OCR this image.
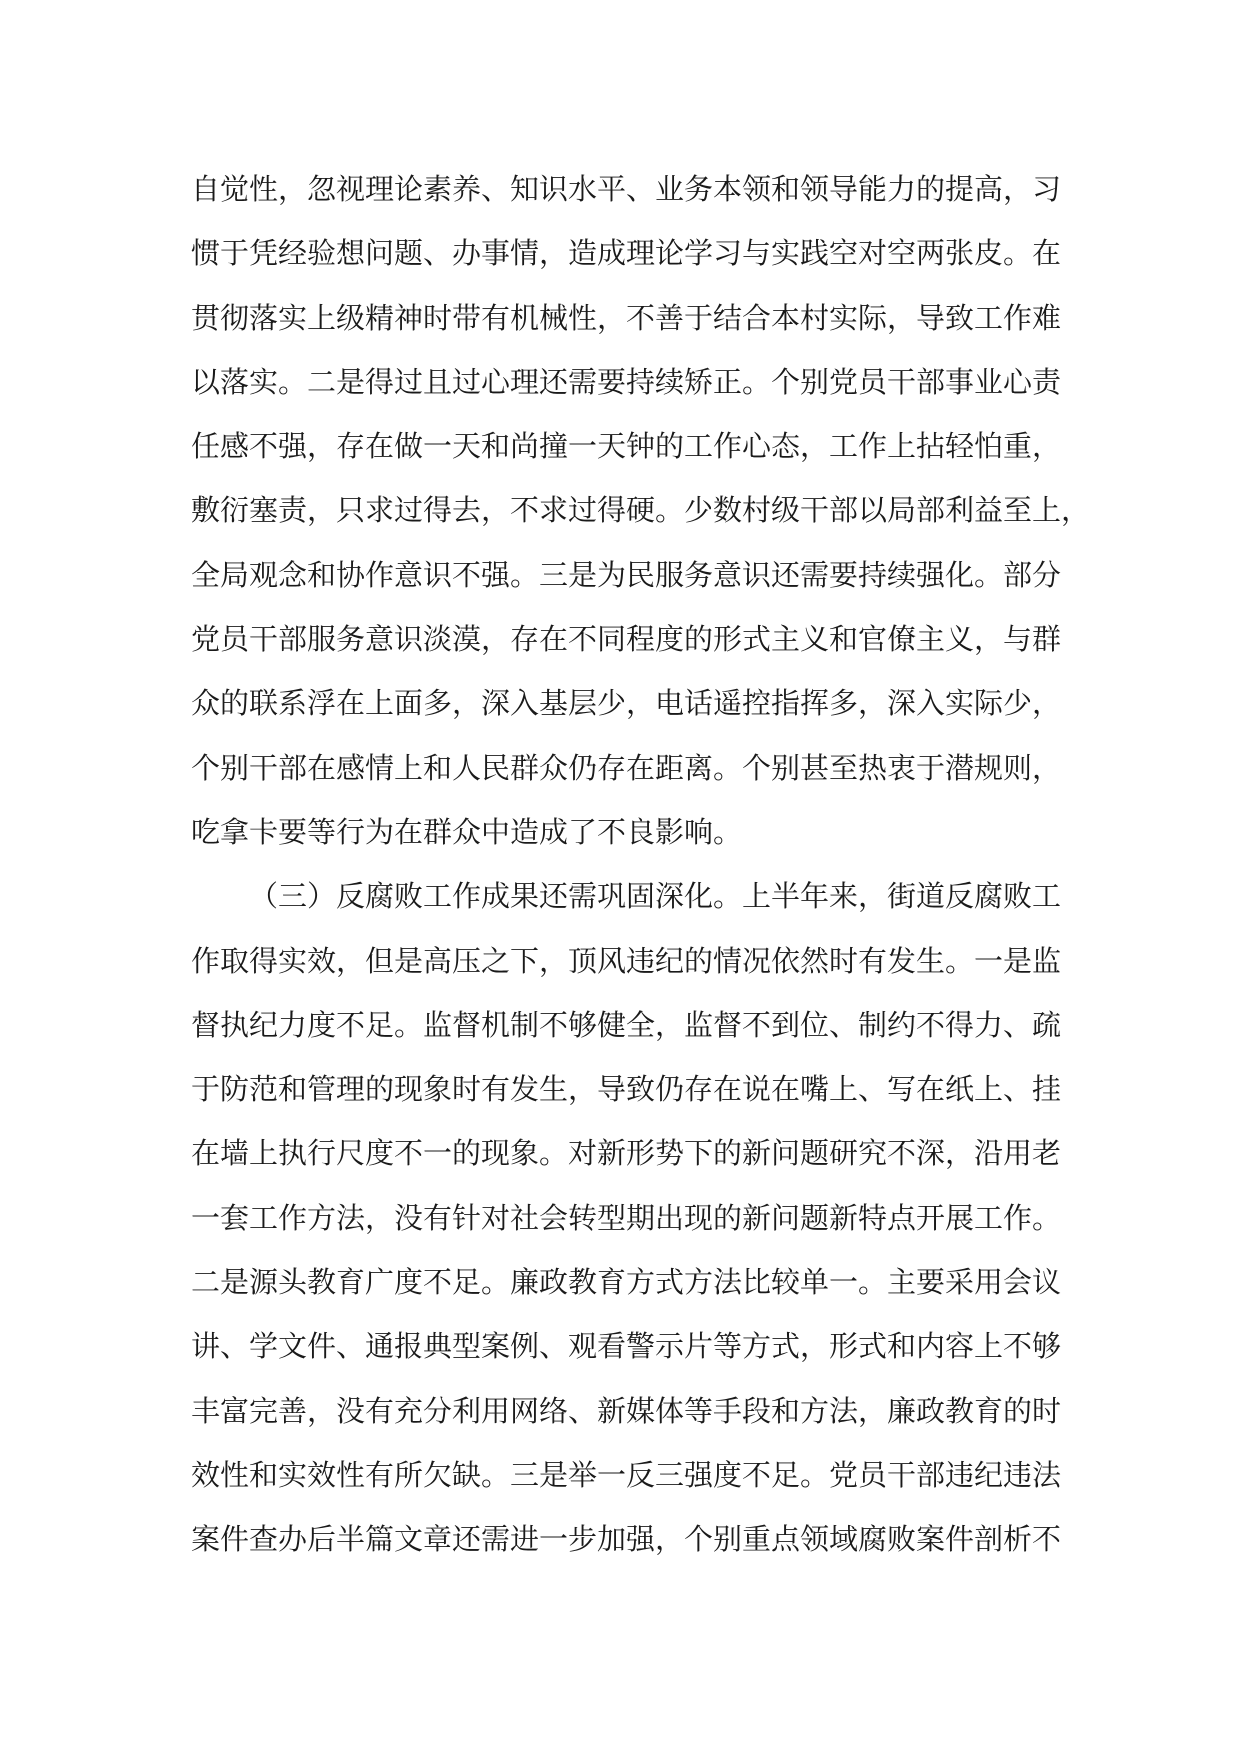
自觉性，忽视理论素养、知识水平、业务本领和领导能力的提高，习
惯于凭经验想问题、办事情，造成理论学习与实践空对空两张皮。在
贯彻落实上级精神时带有机械性，不善于结合本村实际，导致工作难
以落实。二是得过且过心理还需要持续矫正。个别党员干部事业心责
任感不强，存在做一天和尚撞一天钟的工作心态，工作上拈轻怕重，
敷衍塞责，只求过得去，不求过得硬。少数村级干部以局部利益至上，
全局观念和协作意识不强。三是为民服务意识还需要持续强化。部分
党员干部服务意识淡漠，存在不同程度的形式主义和官僚主义，与群
众的联系浮在上面多，深入基层少，电话遥控指挥多，深入实际少，
个别干部在感情上和人民群众仍存在距离。个别甚至热衷于潜规则，
吃拿卡要等行为在群众中造成了不良影响。
（三）反腐败工作成果还需巩固深化。上半年来，街道反腐败工
作取得实效，但是高压之下，顶风违纪的情况依然时有发生。一是监
督执纪力度不足。监督机制不够健全，监督不到位、制约不得力、疏
于防范和管理的现象时有发生，导致仍存在说在嘴上、写在纸上、挂
在墙上执行尺度不一的现象。对新形势下的新问题研究不深，沿用老
一套工作方法，没有针对社会转型期出现的新问题新特点开展工作。
二是源头教育广度不足。廉政教育方式方法比较单一。主要采用会议
讲、学文件、通报典型案例、观看警示片等方式，形式和内容上不够
丰富完善，没有充分利用网络、新媒体等手段和方法，廉政教育的时
效性和实效性有所欠缺。三是举一反三强度不足。党员干部违纪违法
案件查办后半篇文章还需进一步加强，个别重点领域腐败案件剖析不
